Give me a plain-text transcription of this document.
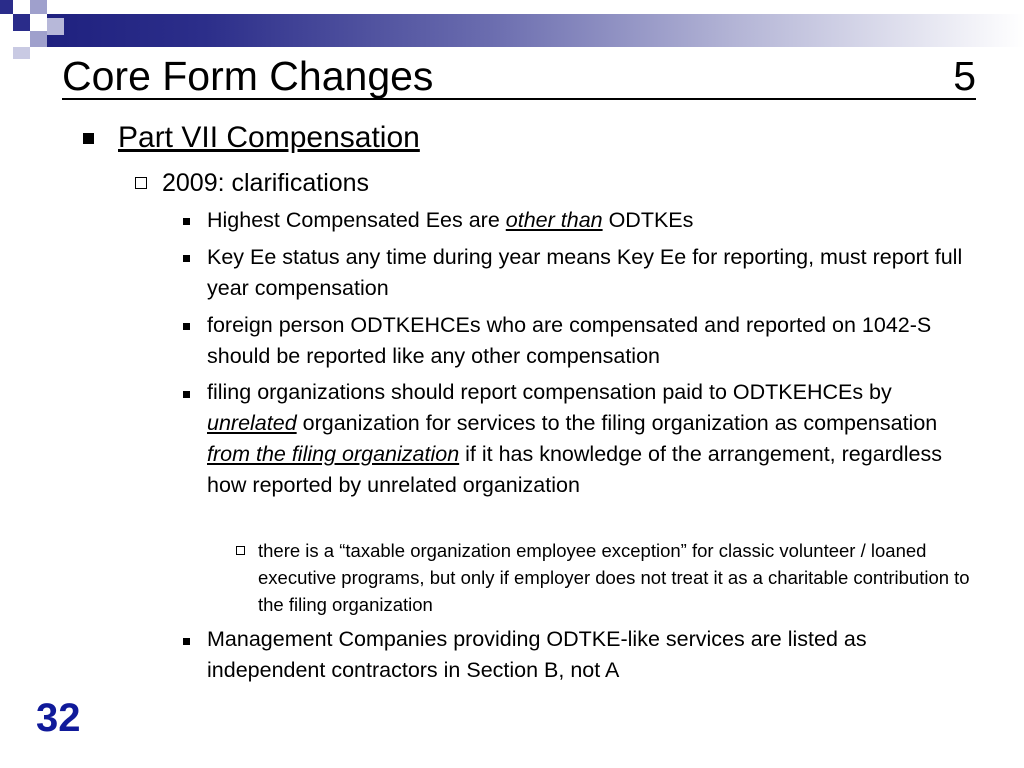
Core Form Changes	5
Part VII Compensation
2009: clarifications
Highest Compensated Ees are other than ODTKEs
Key Ee status any time during year means Key Ee for reporting, must report full year compensation
foreign person ODTKEHCEs who are compensated and reported on 1042-S should be reported like any other compensation
filing organizations should report compensation paid to ODTKEHCEs by unrelated organization for services to the filing organization as compensation from the filing organization if it has knowledge of the arrangement, regardless how reported by unrelated organization
there is a “taxable organization employee exception” for classic volunteer / loaned executive programs, but only if employer does not treat it as a charitable contribution to the filing organization
Management Companies providing ODTKE-like services are listed as independent contractors in Section B, not A
32
